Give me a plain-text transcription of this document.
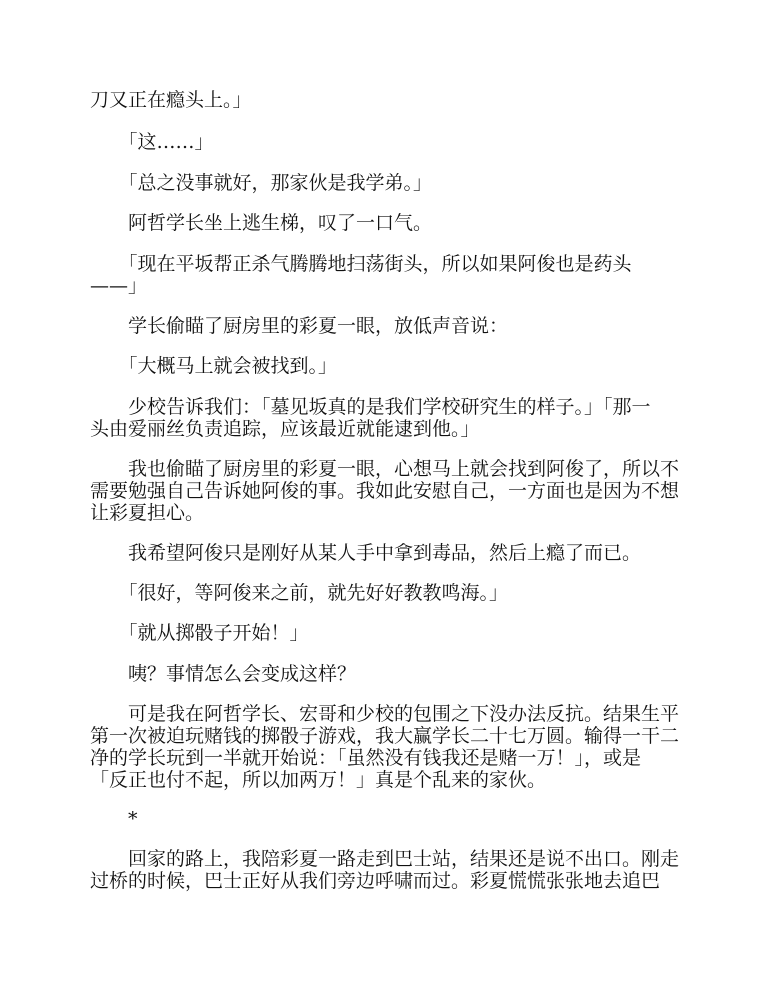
刀又正在瘾头上。」

　　「这……」

　　「总之没事就好，那家伙是我学弟。」

　　阿哲学长坐上逃生梯，叹了一口气。

　　「现在平坂帮正杀气腾腾地扫荡街头，所以如果阿俊也是药头
——」

　　学长偷瞄了厨房里的彩夏一眼，放低声音说：

　　「大概马上就会被找到。」

　　少校告诉我们：「墓见坂真的是我们学校研究生的样子。」「那一
头由爱丽丝负责追踪，应该最近就能逮到他。」

　　我也偷瞄了厨房里的彩夏一眼，心想马上就会找到阿俊了，所以不
需要勉强自己告诉她阿俊的事。我如此安慰自己，一方面也是因为不想
让彩夏担心。

　　我希望阿俊只是刚好从某人手中拿到毒品，然后上瘾了而已。

　　「很好，等阿俊来之前，就先好好教教鸣海。」

　　「就从掷骰子开始！」

　　咦？事情怎么会变成这样？

　　可是我在阿哲学长、宏哥和少校的包围之下没办法反抗。结果生平
第一次被迫玩赌钱的掷骰子游戏，我大赢学长二十七万圆。输得一干二
净的学长玩到一半就开始说：「虽然没有钱我还是赌一万！」，或是
「反正也付不起，所以加两万！」真是个乱来的家伙。

　　*

　　回家的路上，我陪彩夏一路走到巴士站，结果还是说不出口。刚走
过桥的时候，巴士正好从我们旁边呼啸而过。彩夏慌慌张张地去追巴
